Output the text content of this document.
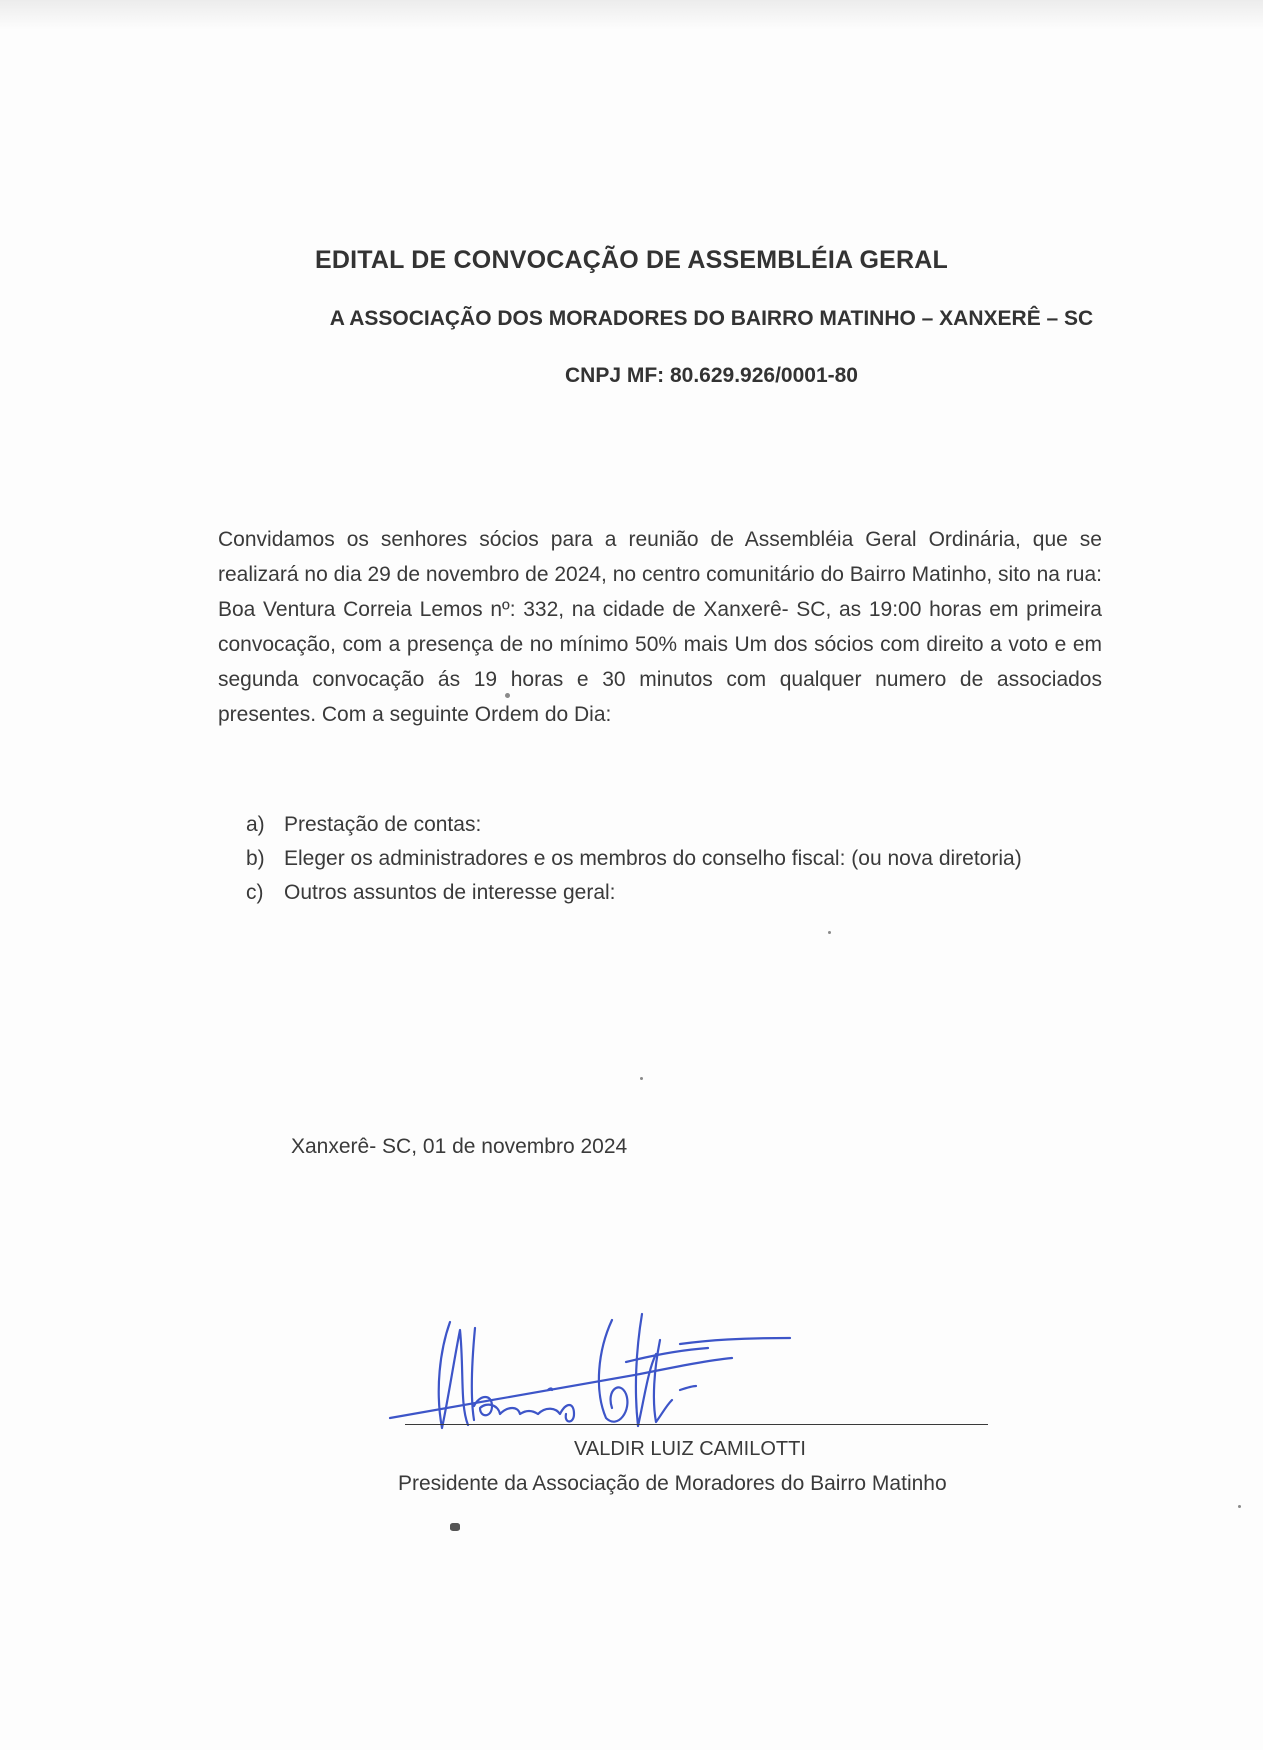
EDITAL DE CONVOCAÇÃO DE ASSEMBLÉIA GERAL
A ASSOCIAÇÃO DOS MORADORES DO BAIRRO MATINHO – XANXERÊ – SC
CNPJ MF: 80.629.926/0001-80

Convidamos os senhores sócios para a reunião de Assembléia Geral Ordinária, que se realizará no dia 29 de novembro de 2024, no centro comunitário do Bairro Matinho, sito na rua: Boa Ventura Correia Lemos nº: 332, na cidade de Xanxerê- SC, as 19:00 horas em primeira convocação, com a presença de no mínimo 50% mais Um dos sócios com direito a voto e em segunda convocação ás 19 horas e 30 minutos com qualquer numero de associados presentes. Com a seguinte Ordem do Dia:

a) Prestação de contas:
b) Eleger os administradores e os membros do conselho fiscal: (ou nova diretoria)
c) Outros assuntos de interesse geral:
Xanxerê- SC, 01 de novembro 2024
VALDIR LUIZ CAMILOTTI
Presidente da Associação de Moradores do Bairro Matinho
